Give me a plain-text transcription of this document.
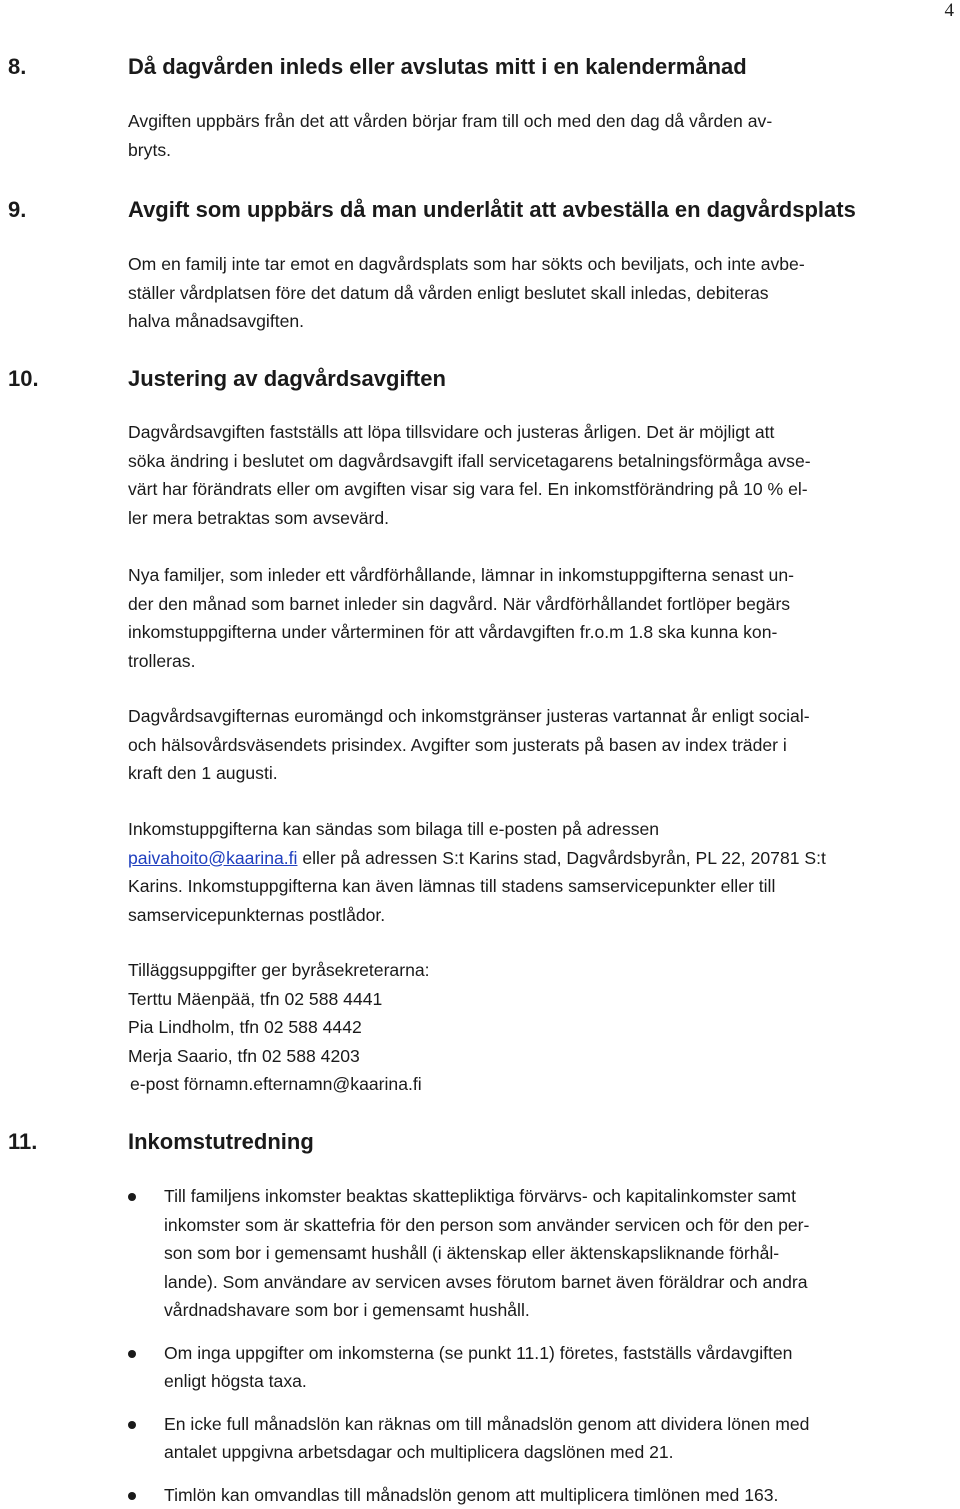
4
8.	Då dagvården inleds eller avslutas mitt i en kalendermånad

Avgiften uppbärs från det att vården börjar fram till och med den dag då vården av-
bryts.

9.	Avgift som uppbärs då man underlåtit att avbeställa en dagvårdsplats

Om en familj inte tar emot en dagvårdsplats som har sökts och beviljats, och inte avbe-
ställer vårdplatsen före det datum då vården enligt beslutet skall inledas, debiteras
halva månadsavgiften.

10.	Justering av dagvårdsavgiften

Dagvårdsavgiften fastställs att löpa tillsvidare och justeras årligen. Det är möjligt att
söka ändring i beslutet om dagvårdsavgift ifall servicetagarens betalningsförmåga avse-
värt har förändrats eller om avgiften visar sig vara fel. En inkomstförändring på 10 % el-
ler mera betraktas som avsevärd.

Nya familjer, som inleder ett vårdförhållande, lämnar in inkomstuppgifterna senast un-
der den månad som barnet inleder sin dagvård. När vårdförhållandet fortlöper begärs
inkomstuppgifterna under vårterminen för att vårdavgiften fr.o.m 1.8 ska kunna kon-
trolleras.

Dagvårdsavgifternas euromängd och inkomstgränser justeras vartannat år enligt social-
och hälsovårdsväsendets prisindex. Avgifter som justerats på basen av index träder i
kraft den 1 augusti.

Inkomstuppgifterna kan sändas som bilaga till e-posten på adressen
paivahoito@kaarina.fi eller på adressen S:t Karins stad, Dagvårdsbyrån, PL 22, 20781 S:t
Karins. Inkomstuppgifterna kan även lämnas till stadens samservicepunkter eller till
samservicepunkternas postlådor.

Tilläggsuppgifter ger byråsekreterarna:
Terttu Mäenpää, tfn 02 588 4441
Pia Lindholm, tfn 02 588 4442
Merja Saario, tfn 02 588 4203
e-post förnamn.efternamn@kaarina.fi

11.	Inkomstutredning
Till familjens inkomster beaktas skattepliktiga förvärvs- och kapitalinkomster samt
inkomster som är skattefria för den person som använder servicen och för den per-
son som bor i gemensamt hushåll (i äktenskap eller äktenskapsliknande förhål-
lande). Som användare av servicen avses förutom barnet även föräldrar och andra
vårdnadshavare som bor i gemensamt hushåll.
Om inga uppgifter om inkomsterna (se punkt 11.1) företes, fastställs vårdavgiften
enligt högsta taxa.
En icke full månadslön kan räknas om till månadslön genom att dividera lönen med
antalet uppgivna arbetsdagar och multiplicera dagslönen med 21.
Timlön kan omvandlas till månadslön genom att multiplicera timlönen med 163.
